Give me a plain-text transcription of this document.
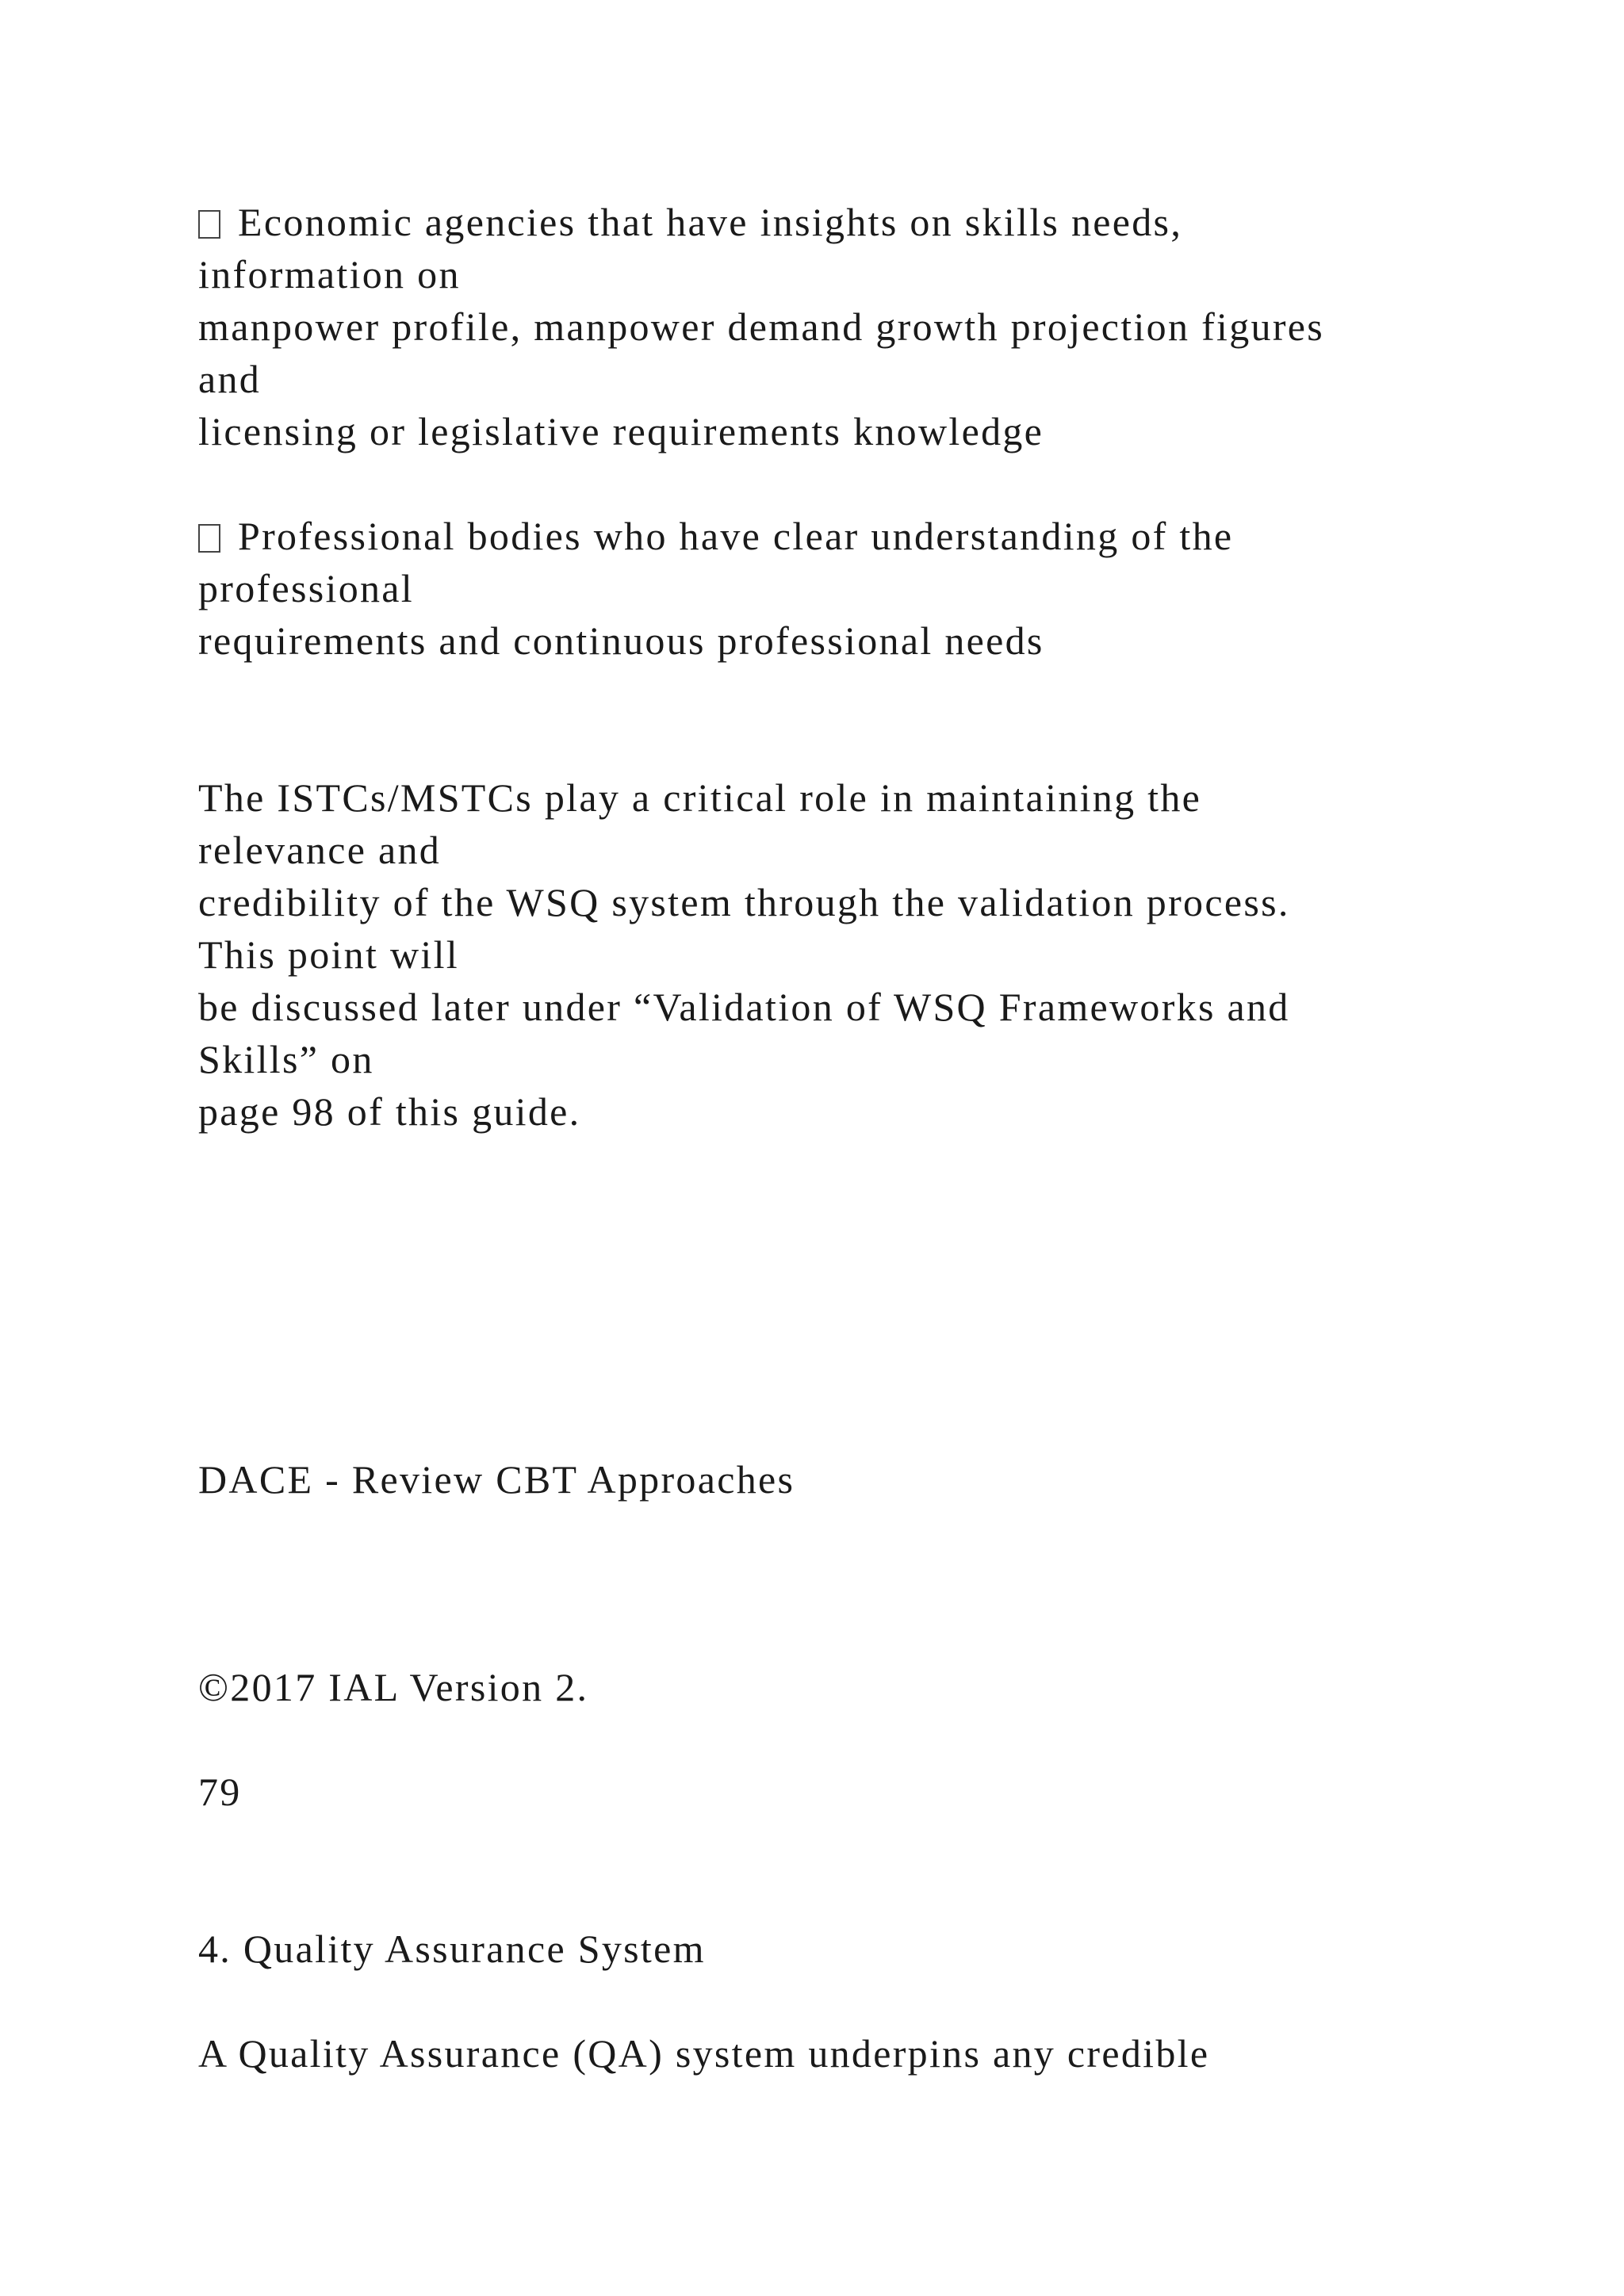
Economic agencies that have insights on skills needs,

information on

manpower profile, manpower demand growth projection figures

and

licensing or legislative requirements knowledge

Professional bodies who have clear understanding of the

professional

requirements and continuous professional needs

The ISTCs/MSTCs play a critical role in maintaining the

relevance and

credibility of the WSQ system through the validation process.

This point will

be discussed later under “Validation of WSQ Frameworks and

Skills” on

page 98 of this guide.

DACE - Review CBT Approaches

©2017 IAL Version 2.

79

4. Quality Assurance System

A Quality Assurance (QA) system underpins any credible
